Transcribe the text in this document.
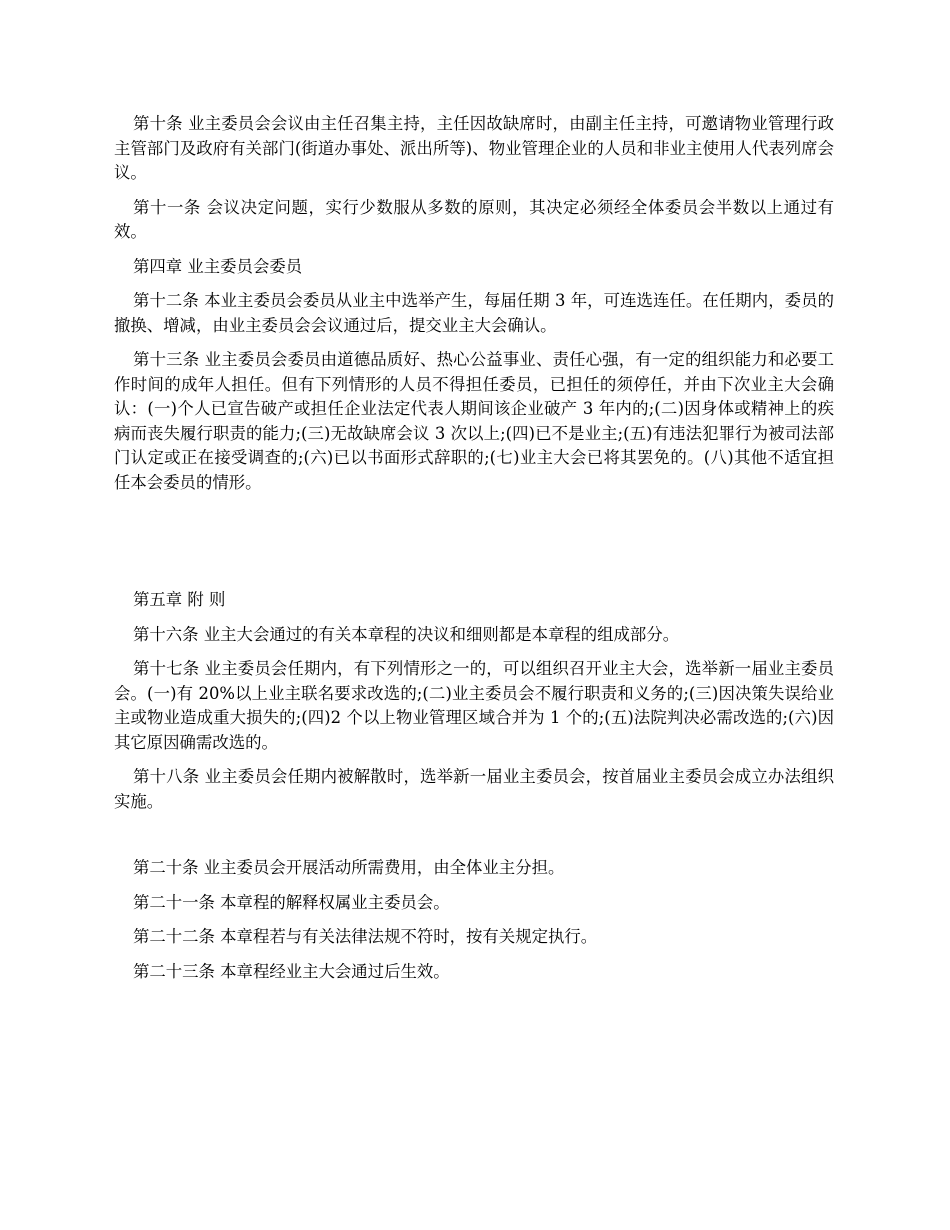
第十条 业主委员会会议由主任召集主持，主任因故缺席时，由副主任主持，可邀请物业管理行政主管部门及政府有关部门(街道办事处、派出所等)、物业管理企业的人员和非业主使用人代表列席会议。

第十一条 会议决定问题，实行少数服从多数的原则，其决定必须经全体委员会半数以上通过有效。

第四章 业主委员会委员

第十二条 本业主委员会委员从业主中选举产生，每届任期 3 年，可连选连任。在任期内，委员的撤换、增减，由业主委员会会议通过后，提交业主大会确认。

第十三条 业主委员会委员由道德品质好、热心公益事业、责任心强，有一定的组织能力和必要工作时间的成年人担任。但有下列情形的人员不得担任委员，已担任的须停任，并由下次业主大会确认：(一)个人已宣告破产或担任企业法定代表人期间该企业破产 3 年内的;(二)因身体或精神上的疾病而丧失履行职责的能力;(三)无故缺席会议 3 次以上;(四)已不是业主;(五)有违法犯罪行为被司法部门认定或正在接受调查的;(六)已以书面形式辞职的;(七)业主大会已将其罢免的。(八)其他不适宜担任本会委员的情形。

第五章 附 则

第十六条 业主大会通过的有关本章程的决议和细则都是本章程的组成部分。

第十七条 业主委员会任期内，有下列情形之一的，可以组织召开业主大会，选举新一届业主委员会。(一)有 20%以上业主联名要求改选的;(二)业主委员会不履行职责和义务的;(三)因决策失误给业主或物业造成重大损失的;(四)2 个以上物业管理区域合并为 1 个的;(五)法院判决必需改选的;(六)因其它原因确需改选的。

第十八条 业主委员会任期内被解散时，选举新一届业主委员会，按首届业主委员会成立办法组织实施。

第二十条 业主委员会开展活动所需费用，由全体业主分担。

第二十一条 本章程的解释权属业主委员会。

第二十二条 本章程若与有关法律法规不符时，按有关规定执行。

第二十三条 本章程经业主大会通过后生效。
